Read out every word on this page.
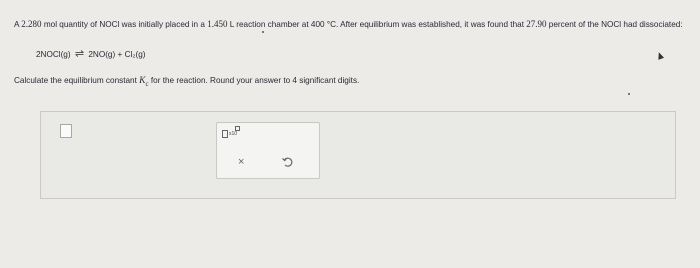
A 2.280 mol quantity of NOCl was initially placed in a 1.450 L reaction chamber at 400 °C. After equilibrium was established, it was found that 27.90 percent of the NOCl had dissociated:
2NOCl(g) ⇌ 2NO(g) + Cl₂(g)
Calculate the equilibrium constant $K_c$ for the reaction. Round your answer to 4 significant digits.
x10
×
